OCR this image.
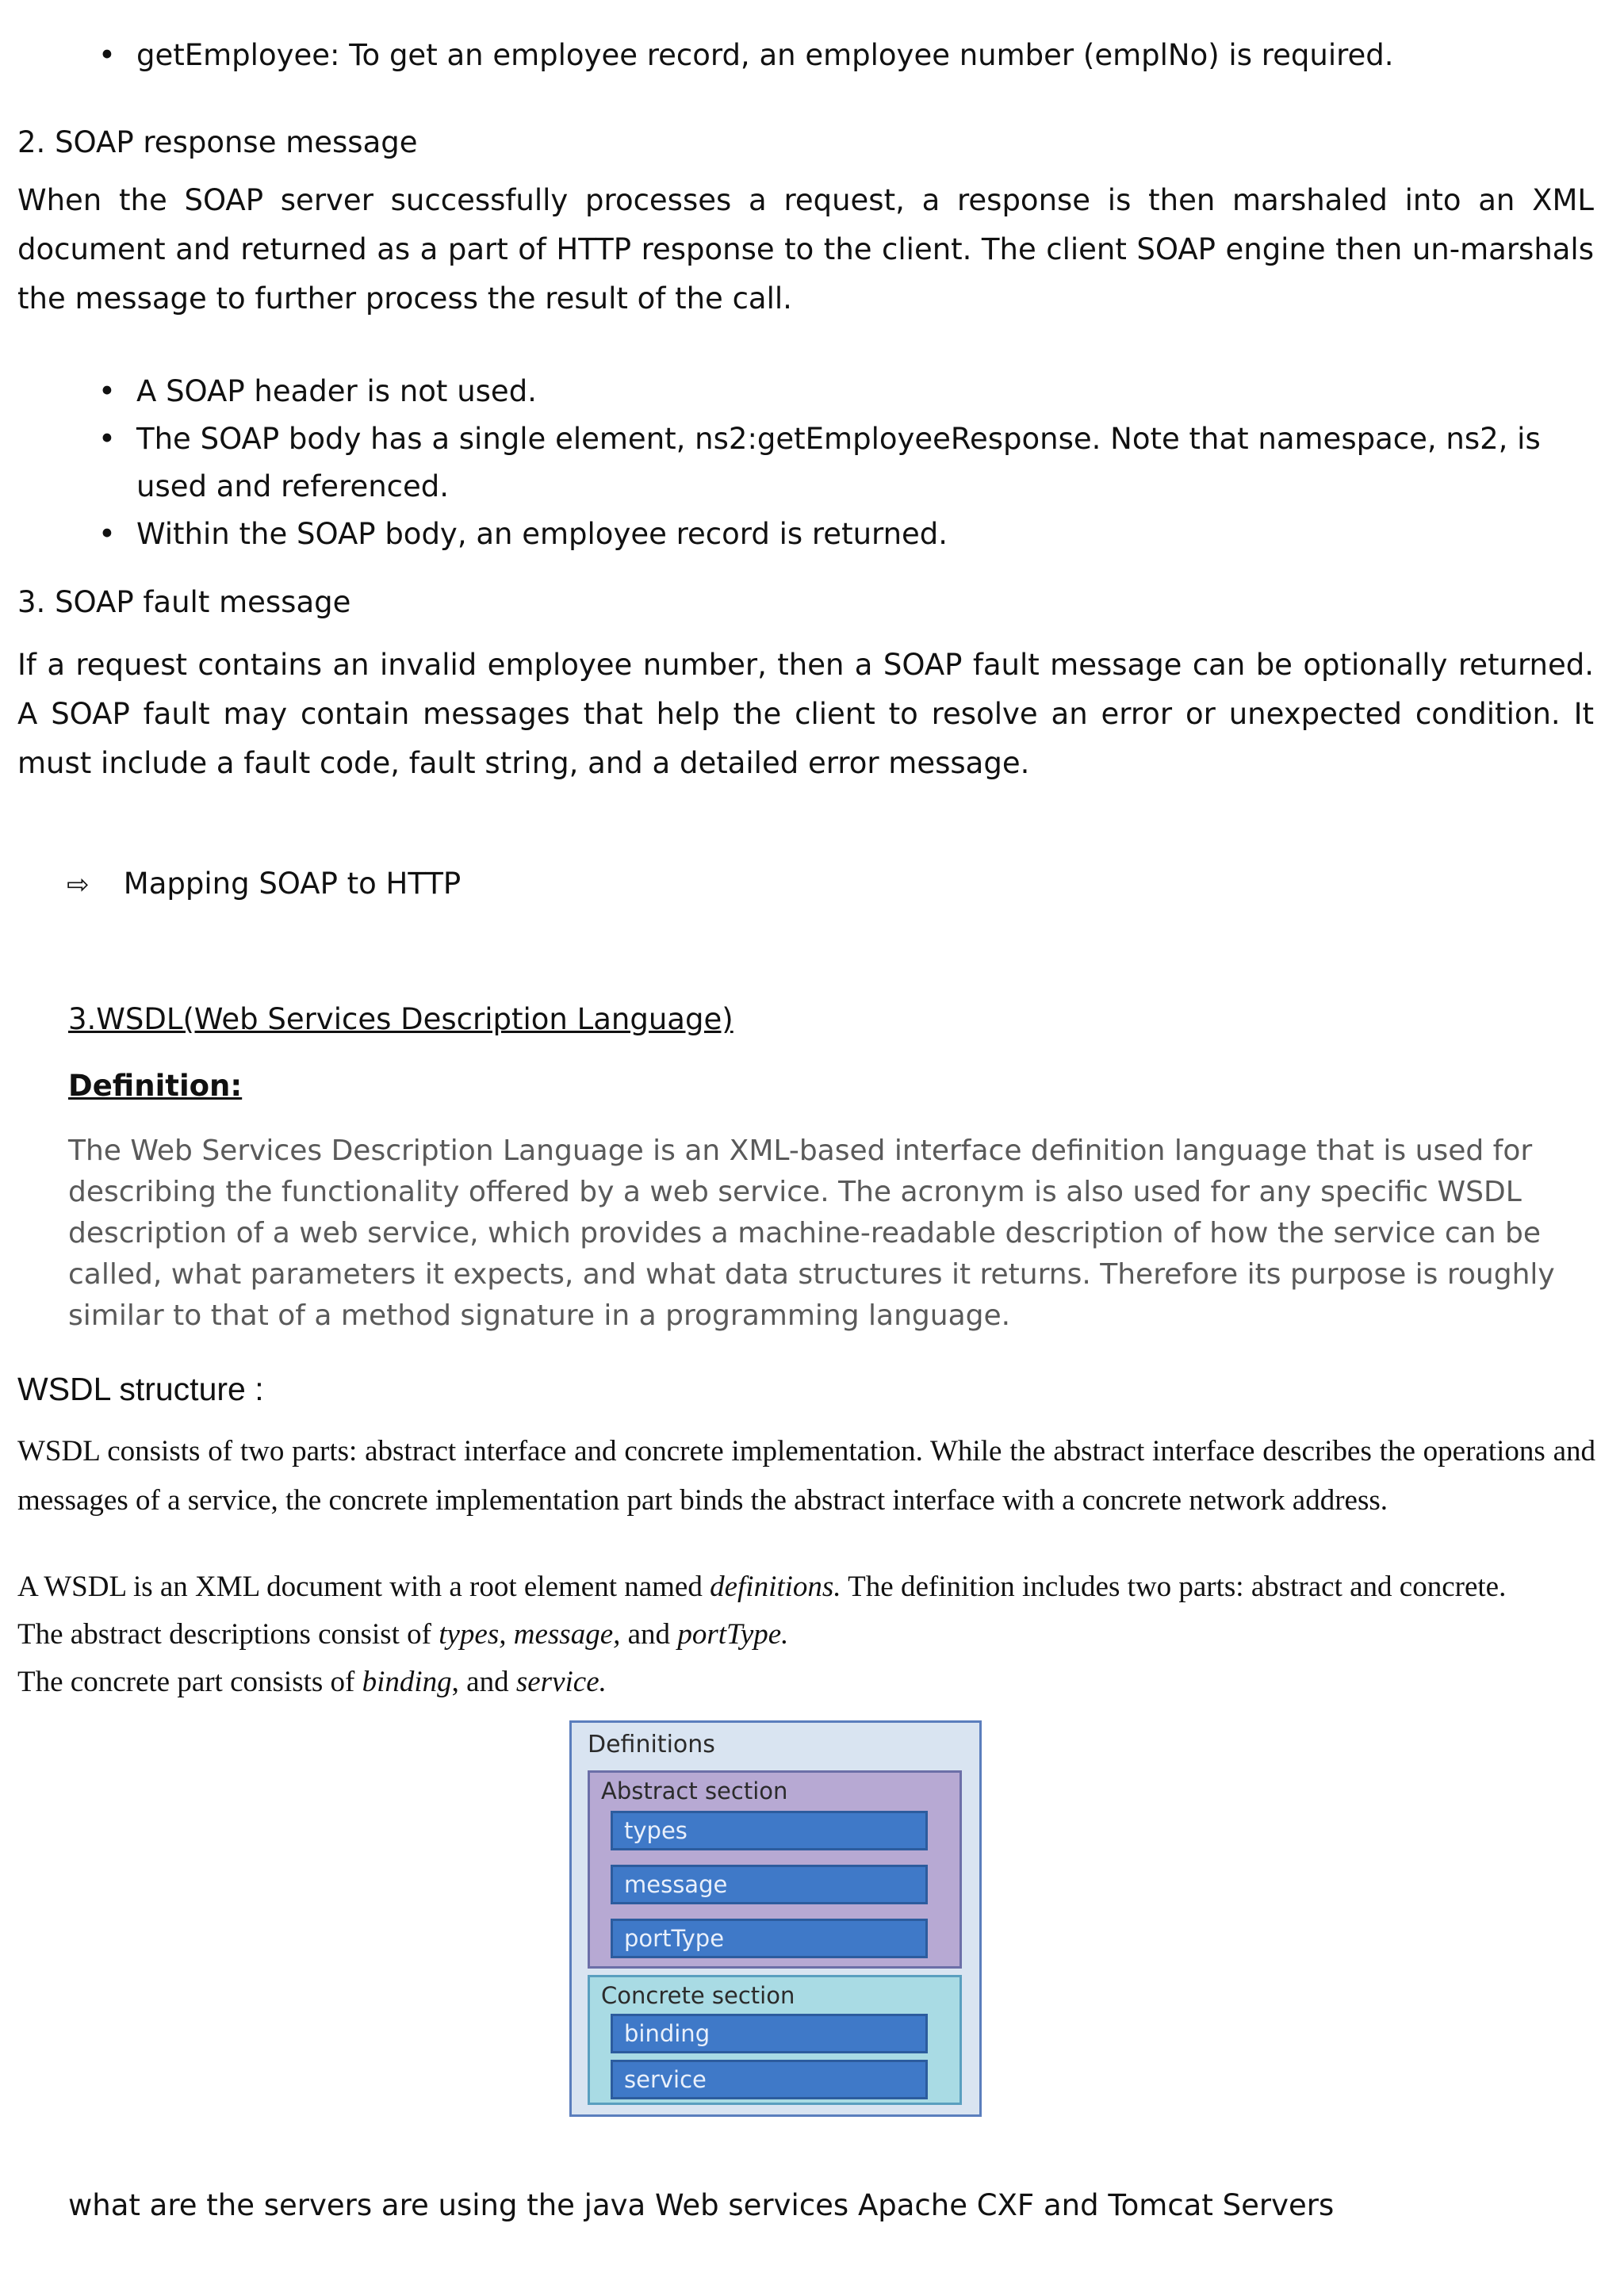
• getEmployee: To get an employee record, an employee number (emplNo) is required.
2. SOAP response message
When the SOAP server successfully processes a request, a response is then marshaled into an XML document and returned as a part of HTTP response to the client. The client SOAP engine then un-marshals the message to further process the result of the call.
• A SOAP header is not used.
• The SOAP body has a single element, ns2:getEmployeeResponse. Note that namespace, ns2, is used and referenced.
• Within the SOAP body, an employee record is returned.
3. SOAP fault message
If a request contains an invalid employee number, then a SOAP fault message can be optionally returned. A SOAP fault may contain messages that help the client to resolve an error or unexpected condition. It must include a fault code, fault string, and a detailed error message.
⇨ Mapping SOAP to HTTP
3.WSDL(Web Services Description Language)
Definition:
The Web Services Description Language is an XML-based interface definition language that is used for describing the functionality offered by a web service. The acronym is also used for any specific WSDL description of a web service, which provides a machine-readable description of how the service can be called, what parameters it expects, and what data structures it returns. Therefore its purpose is roughly similar to that of a method signature in a programming language.
WSDL structure :
WSDL consists of two parts: abstract interface and concrete implementation. While the abstract interface describes the operations and messages of a service, the concrete implementation part binds the abstract interface with a concrete network address.
A WSDL is an XML document with a root element named definitions. The definition includes two parts: abstract and concrete.
The abstract descriptions consist of types, message, and portType.
The concrete part consists of binding, and service.
Definitions
Abstract section
types
message
portType
Concrete section
binding
service
what are the servers are using the java Web services Apache CXF and Tomcat Servers
